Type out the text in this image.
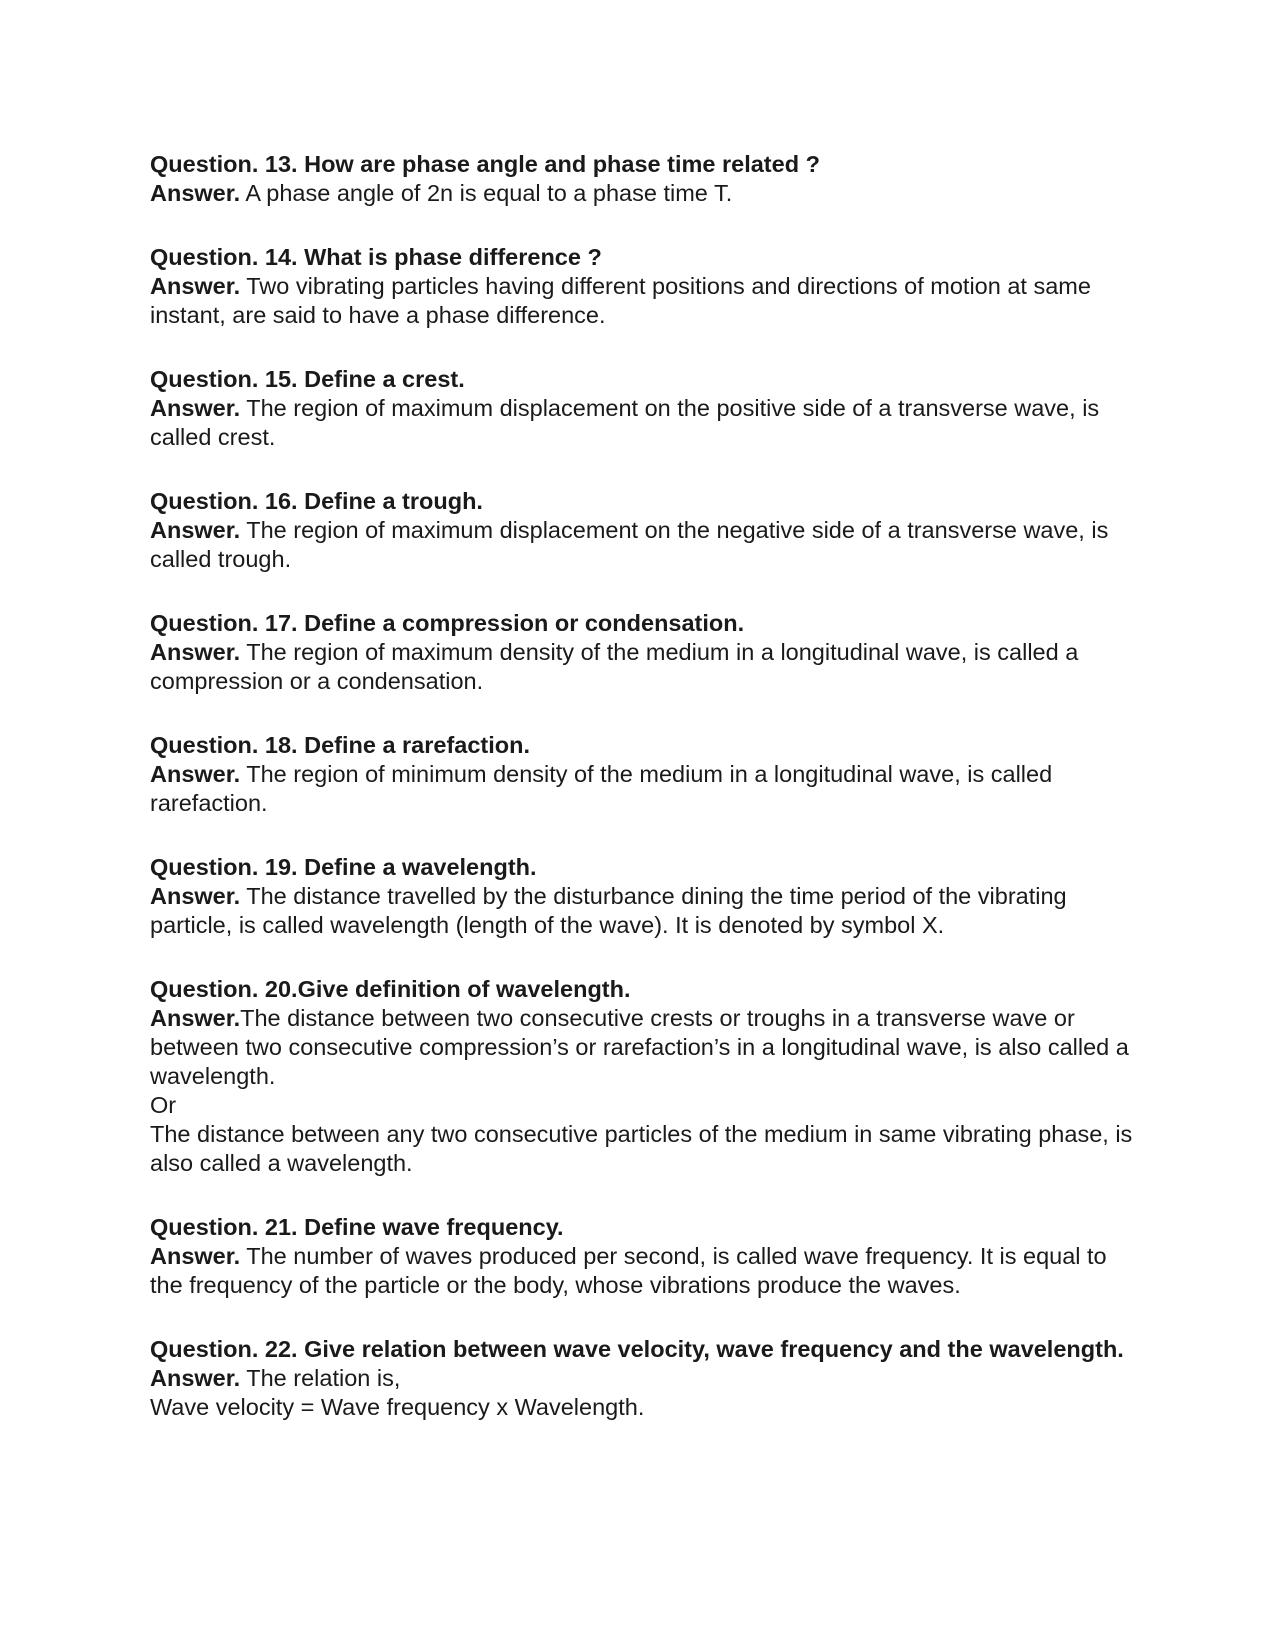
Question. 13. How are phase angle and phase time related ?

Answer. A phase angle of 2n is equal to a phase time T.

Question. 14. What is phase difference ?

Answer. Two vibrating particles having different positions and directions of motion at same instant, are said to have a phase difference.

Question. 15. Define a crest.

Answer. The region of maximum displacement on the positive side of a transverse wave, is called crest.

Question. 16. Define a trough.

Answer. The region of maximum displacement on the negative side of a transverse wave, is called trough.

Question. 17. Define a compression or condensation.

Answer. The region of maximum density of the medium in a longitudinal wave, is called a compression or a condensation.

Question. 18. Define a rarefaction.

Answer. The region of minimum density of the medium in a longitudinal wave, is called rarefaction.

Question. 19. Define a wavelength.

Answer. The distance travelled by the disturbance dining the time period of the vibrating particle, is called wavelength (length of the wave). It is denoted by symbol X.

Question. 20.Give definition of wavelength.

Answer.The distance between two consecutive crests or troughs in a transverse wave or between two consecutive compression’s or rarefaction’s in a longitudinal wave, is also called a wavelength.

Or

The distance between any two consecutive particles of the medium in same vibrating phase, is also called a wavelength.

Question. 21. Define wave frequency.

Answer. The number of waves produced per second, is called wave frequency. It is equal to the frequency of the particle or the body, whose vibrations produce the waves.

Question. 22. Give relation between wave velocity, wave frequency and the wavelength.

Answer. The relation is,

Wave velocity = Wave frequency x Wavelength.
